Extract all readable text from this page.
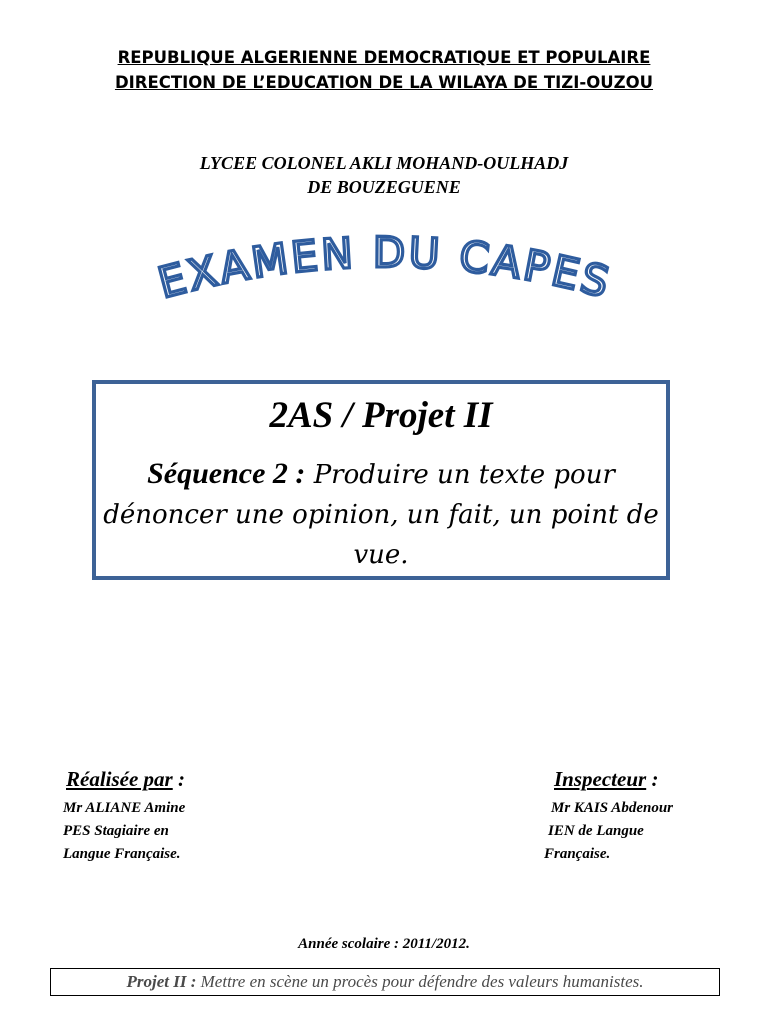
REPUBLIQUE ALGERIENNE DEMOCRATIQUE ET POPULAIRE
DIRECTION DE L’EDUCATION DE LA WILAYA DE TIZI-OUZOU
LYCEE COLONEL AKLI MOHAND-OULHADJ
DE BOUZEGUENE
EXAMEN DU CAPES
2AS / Projet II
Séquence 2 : Produire un texte pour dénoncer une opinion, un fait, un point de vue.
Réalisée par :
Mr ALIANE Amine
PES Stagiaire en
Langue Française.
Inspecteur :
Mr KAIS Abdenour
IEN de Langue
Française.
Année scolaire : 2011/2012.
Projet II : Mettre en scène un procès pour défendre des valeurs humanistes.
